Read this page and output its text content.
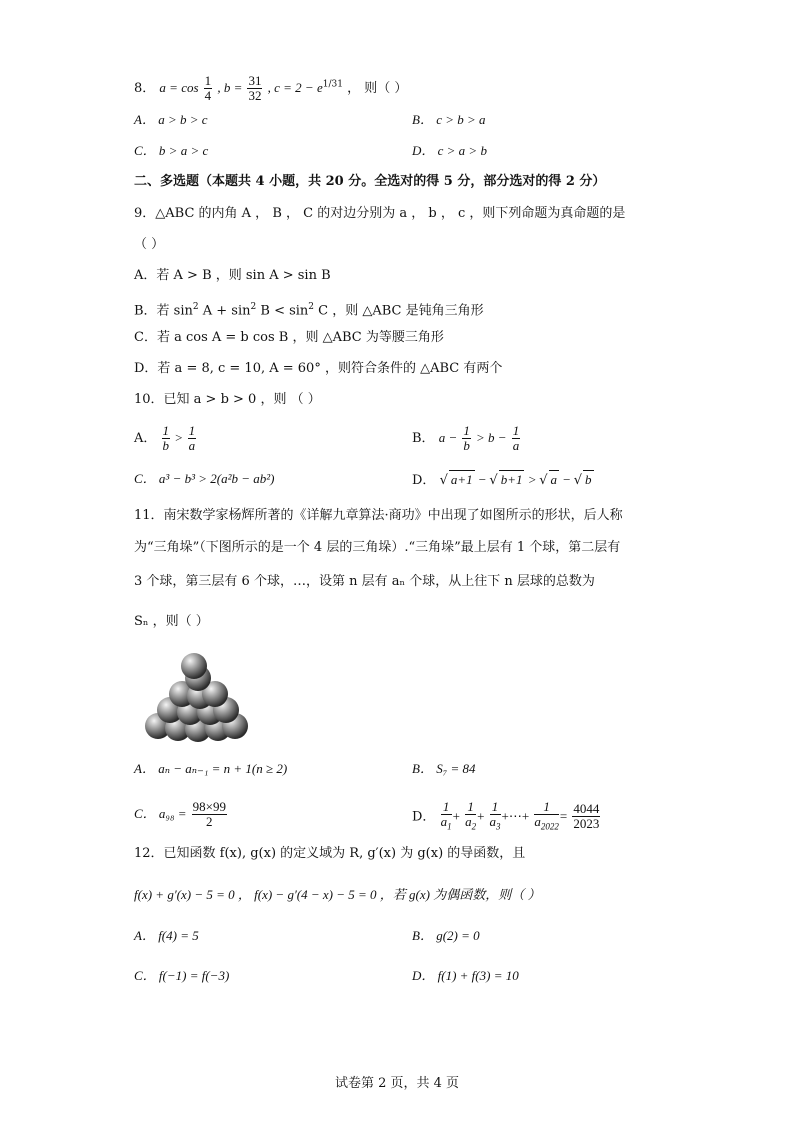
8． $a = \cos \frac{1}{4}$ , $b = \frac{31}{32}$ , $c = 2 - e^{1/31}$ ， 则（ ）
A． a > b > c	B． c > b > a
C． b > a > c	D． c > a > b
二、多选题（本题共 4 小题，共 20 分。全选对的得 5 分，部分选对的得 2 分）
9．△ABC 的内角 A ， B ， C 的对边分别为 a ， b ， c ，则下列命题为真命题的是
（ ）
A．若 A > B ，则 sin A > sin B
B．若 $\sin^2 A + \sin^2 B < \sin^2 C$ ，则 △ABC 是钝角三角形
C．若 a cos A = b cos B ，则 △ABC 为等腰三角形
D．若 a = 8, c = 10, A = 60° ，则符合条件的 △ABC 有两个
10．已知 a > b > 0 ，则 （ ）
A． $\frac{1}{b} > \frac{1}{a}$	B． $a - \frac{1}{b} > b - \frac{1}{a}$
C． a³ − b³ > 2(a²b − ab²)	D． √ a+1 − √ b+1 > √ a − √ b
11．南宋数学家杨辉所著的《详解九章算法·商功》中出现了如图所示的形状，后人称
为“三角垛”（下图所示的是一个 4 层的三角垛）.“三角垛”最上层有 1 个球，第二层有
3 个球，第三层有 6 个球，…，设第 n 层有 aₙ 个球，从上往下 n 层球的总数为
Sₙ ，则（ ）
A． aₙ − aₙ₋₁ = n + 1(n ≥ 2)	B． S₇ = 84
C． $a_{98} = \frac{98\times 99}{2}$	D． $\frac{1}{a_1} + \frac{1}{a_2} + \frac{1}{a_3}$ +⋯+ $\frac{1}{a_{2022}} = \frac{4044}{2023}$
12．已知函数 f(x), g(x) 的定义域为 R, g′(x) 为 g(x) 的导函数，且
f(x) + g′(x) − 5 = 0 ， f(x) − g′(4 − x) − 5 = 0 ，若 g(x) 为偶函数，则（ ）
A． f(4) = 5	B． g(2) = 0
C． f(−1) = f(−3)	D． f(1) + f(3) = 10
试卷第 2 页，共 4 页
